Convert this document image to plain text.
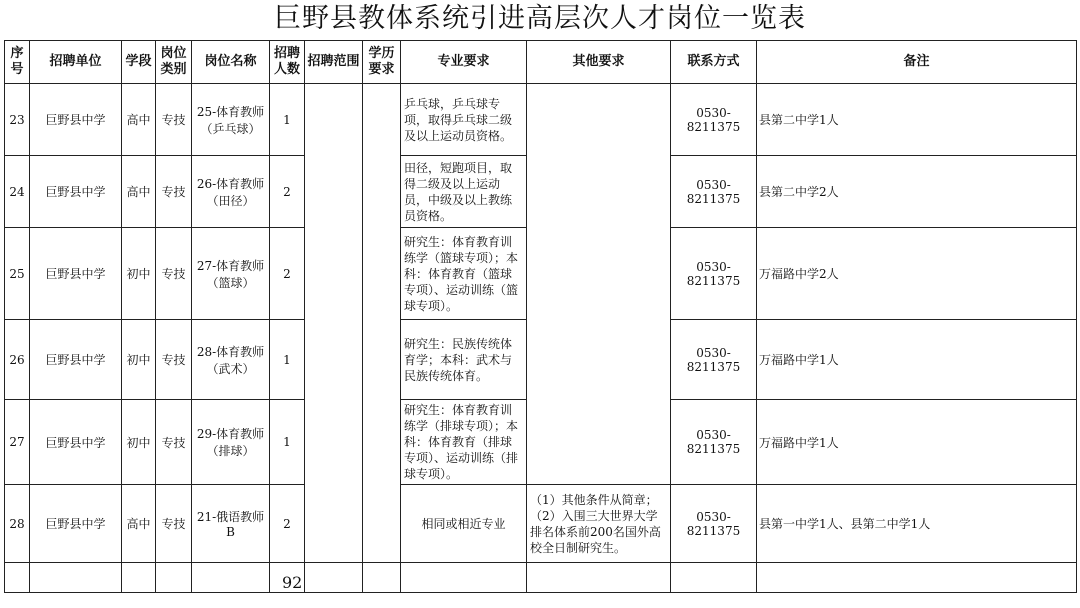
巨野县教体系统引进高层次人才岗位一览表
序号	招聘单位	学段	岗位类别	岗位名称	招聘人数	招聘范围	学历要求	专业要求	其他要求	联系方式	备注
23	巨野县中学	高中	专技	25-体育教师（乒乓球）	1			乒乓球，乒乓球专项，取得乒乓球二级及以上运动员资格。		0530-8211375	县第二中学1人
24	巨野县中学	高中	专技	26-体育教师（田径）	2			田径，短跑项目，取得二级及以上运动员，中级及以上教练员资格。		0530-8211375	县第二中学2人
25	巨野县中学	初中	专技	27-体育教师（篮球）	2			研究生：体育教育训练学（篮球专项）；本科：体育教育（篮球专项）、运动训练（篮球专项）。		0530-8211375	万福路中学2人
26	巨野县中学	初中	专技	28-体育教师（武术）	1			研究生：民族传统体育学；本科：武术与民族传统体育。		0530-8211375	万福路中学1人
27	巨野县中学	初中	专技	29-体育教师（排球）	1			研究生：体育教育训练学（排球专项）；本科：体育教育（排球专项）、运动训练（排球专项）。		0530-8211375	万福路中学1人
28	巨野县中学	高中	专技	21-俄语教师B	2			相同或相近专业	（1）其他条件从简章；（2）入围三大世界大学排名体系前200名国外高校全日制研究生。	0530-8211375	县第一中学1人、县第二中学1人
					92						
